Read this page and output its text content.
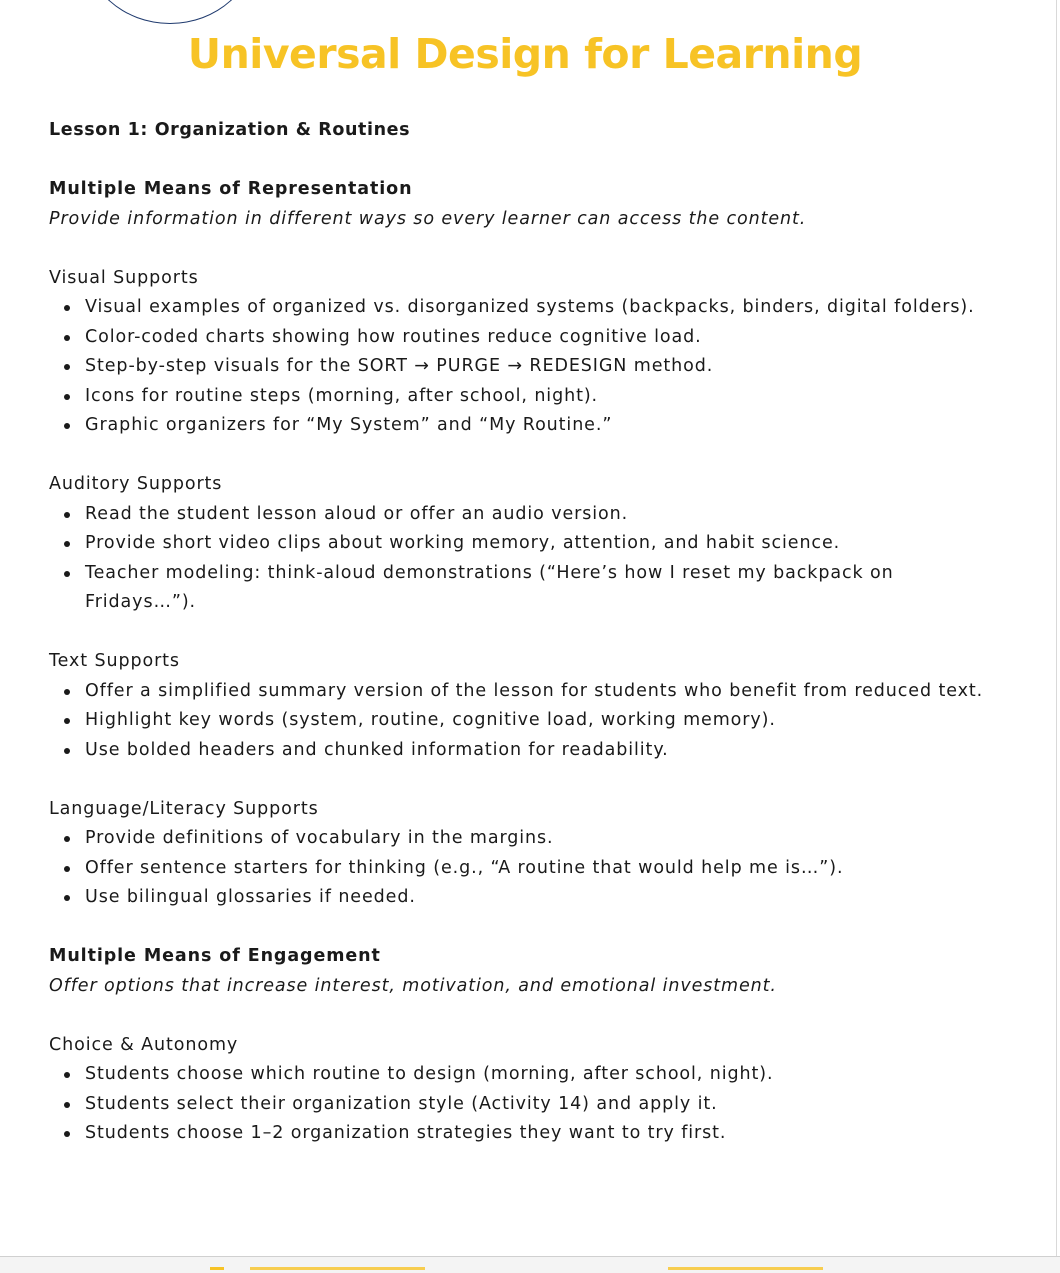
Universal Design for Learning

Lesson 1: Organization & Routines

Multiple Means of Representation

Provide information in different ways so every learner can access the content.

Visual Supports

Visual examples of organized vs. disorganized systems (backpacks, binders, digital folders).
Color-coded charts showing how routines reduce cognitive load.
Step-by-step visuals for the SORT → PURGE → REDESIGN method.
Icons for routine steps (morning, after school, night).
Graphic organizers for “My System” and “My Routine.”

Auditory Supports

Read the student lesson aloud or offer an audio version.
Provide short video clips about working memory, attention, and habit science.
Teacher modeling: think-aloud demonstrations (“Here’s how I reset my backpack on Fridays…”).

Text Supports

Offer a simplified summary version of the lesson for students who benefit from reduced text.
Highlight key words (system, routine, cognitive load, working memory).
Use bolded headers and chunked information for readability.

Language/Literacy Supports

Provide definitions of vocabulary in the margins.
Offer sentence starters for thinking (e.g., “A routine that would help me is…”).
Use bilingual glossaries if needed.

Multiple Means of Engagement

Offer options that increase interest, motivation, and emotional investment.

Choice & Autonomy

Students choose which routine to design (morning, after school, night).
Students select their organization style (Activity 14) and apply it.
Students choose 1–2 organization strategies they want to try first.
